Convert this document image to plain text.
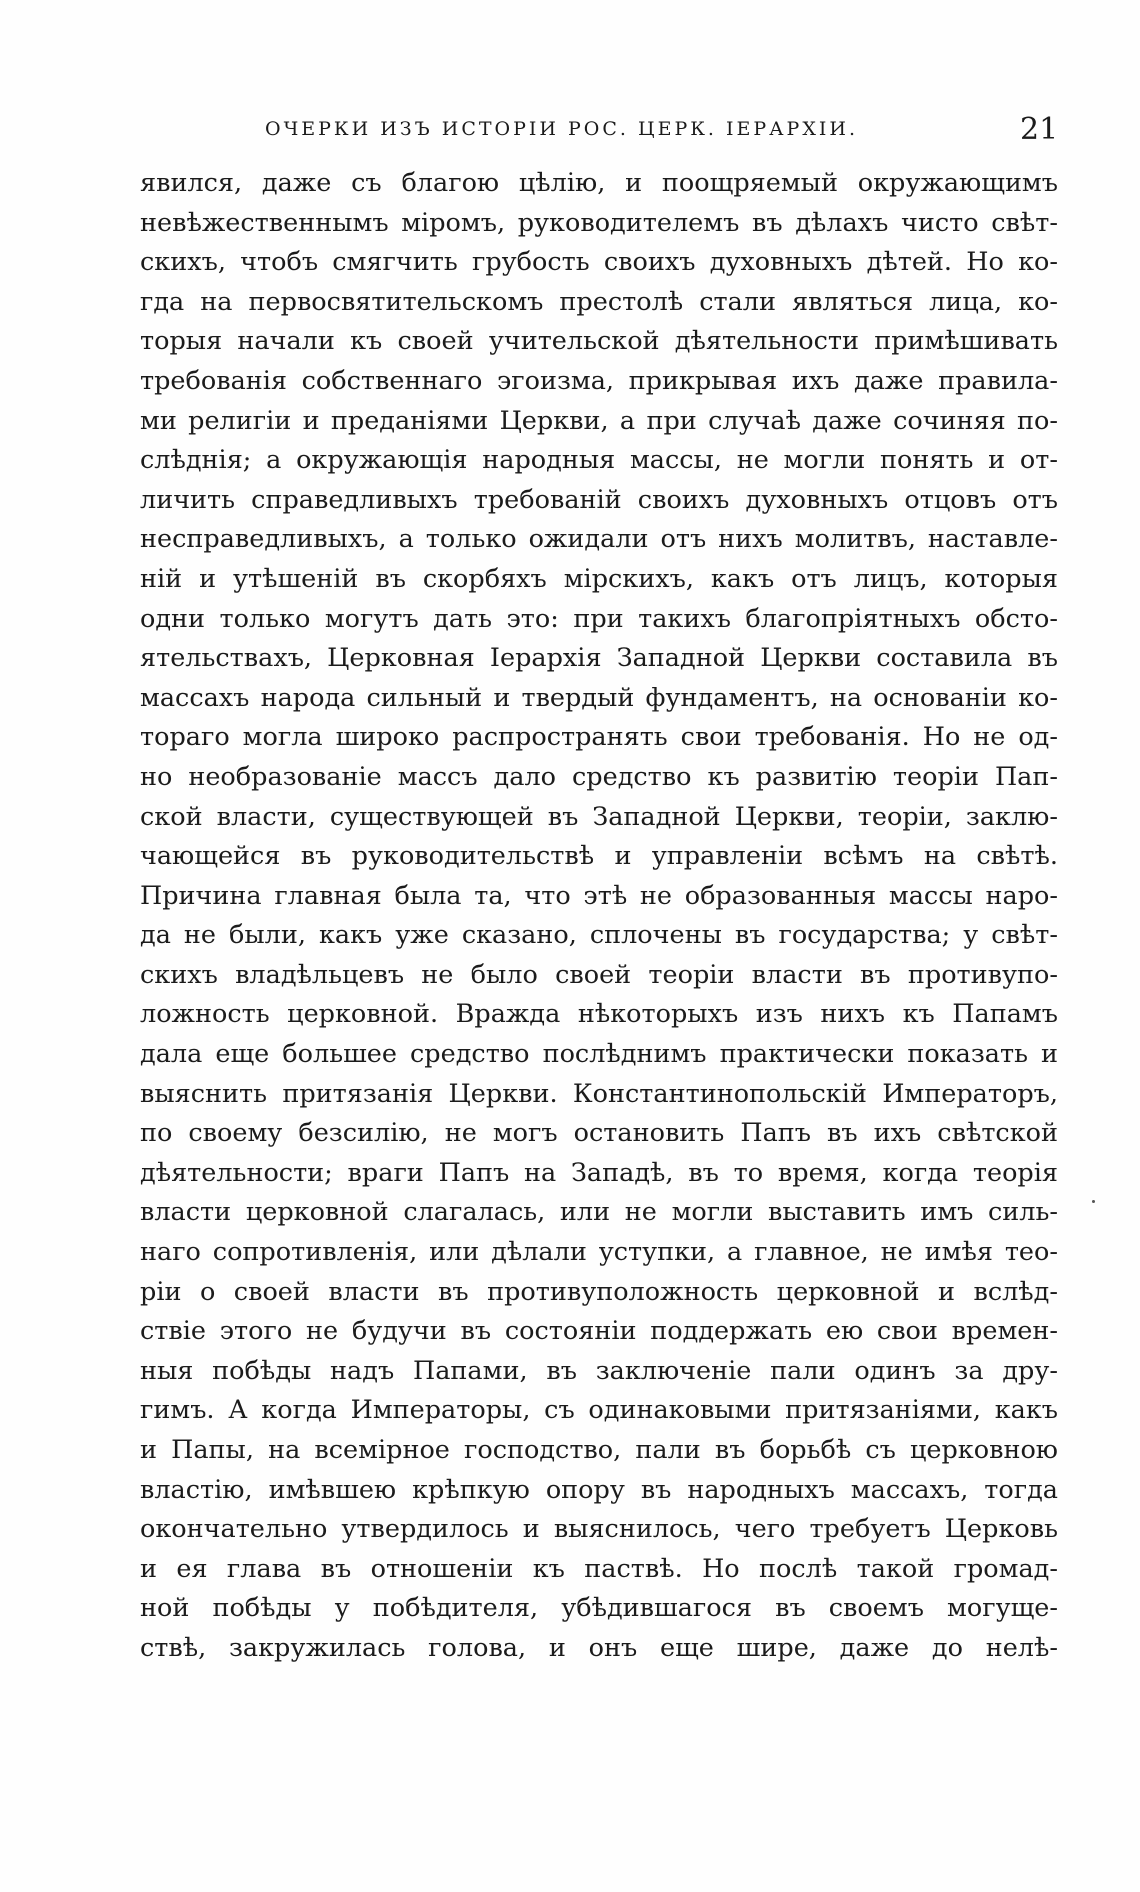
ОЧЕРКИ ИЗЪ ИСТОРІИ РОС. ЦЕРК. ІЕРАРХІИ.	21
явился, даже съ благою цѣлію, и поощряемый окружающимъ
невѣжественнымъ міромъ, руководителемъ въ дѣлахъ чисто свѣт-
скихъ, чтобъ смягчить грубость своихъ духовныхъ дѣтей. Но ко-
гда на первосвятительскомъ престолѣ стали являться лица, ко-
торыя начали къ своей учительской дѣятельности примѣшивать
требованія собственнаго эгоизма, прикрывая ихъ даже правила-
ми религіи и преданіями Церкви, а при случаѣ даже сочиняя по-
слѣднія; а окружающія народныя массы, не могли понять и от-
личить справедливыхъ требованій своихъ духовныхъ отцовъ отъ
несправедливыхъ, а только ожидали отъ нихъ молитвъ, наставле-
ній и утѣшеній въ скорбяхъ мірскихъ, какъ отъ лицъ, которыя
одни только могутъ дать это: при такихъ благопріятныхъ обсто-
ятельствахъ, Церковная Іерархія Западной Церкви составила въ
массахъ народа сильный и твердый фундаментъ, на основаніи ко-
тораго могла широко распространять свои требованія. Но не од-
но необразованіе массъ дало средство къ развитію теоріи Пап-
ской власти, существующей въ Западной Церкви, теоріи, заклю-
чающейся въ руководительствѣ и управленіи всѣмъ на свѣтѣ.
Причина главная была та, что этѣ не образованныя массы наро-
да не были, какъ уже сказано, сплочены въ государства; у свѣт-
скихъ владѣльцевъ не было своей теоріи власти въ противупо-
ложность церковной. Вражда нѣкоторыхъ изъ нихъ къ Папамъ
дала еще большее средство послѣднимъ практически показать и
выяснить притязанія Церкви. Константинопольскій Императоръ,
по своему безсилію, не могъ остановить Папъ въ ихъ свѣтской
дѣятельности; враги Папъ на Западѣ, въ то время, когда теорія
власти церковной слагалась, или не могли выставить имъ силь-
наго сопротивленія, или дѣлали уступки, а главное, не имѣя тео-
ріи о своей власти въ противуположность церковной и вслѣд-
ствіе этого не будучи въ состояніи поддержать ею свои времен-
ныя побѣды надъ Папами, въ заключеніе пали одинъ за дру-
гимъ. А когда Императоры, съ одинаковыми притязаніями, какъ
и Папы, на всемірное господство, пали въ борьбѣ съ церковною
властію, имѣвшею крѣпкую опору въ народныхъ массахъ, тогда
окончательно утвердилось и выяснилось, чего требуетъ Церковь
и ея глава въ отношеніи къ паствѣ. Но послѣ такой громад-
ной побѣды у побѣдителя, убѣдившагося въ своемъ могуще-
ствѣ, закружилась голова, и онъ еще шире, даже до нелѣ-
